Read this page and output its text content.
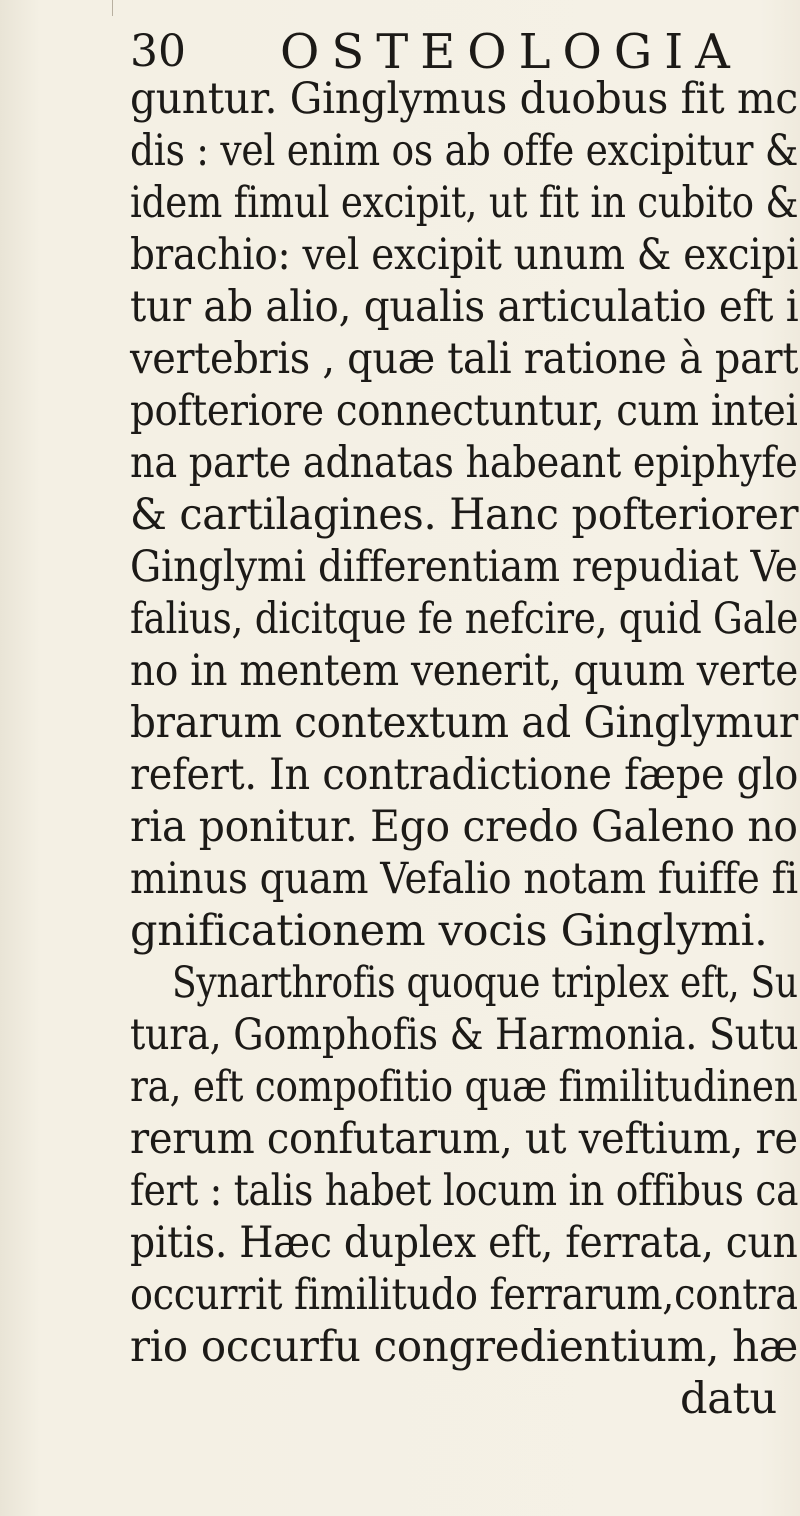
30 OSTEOLOGIA
guntur. Ginglymus duobus fit mc
dis : vel enim os ab offe excipitur &
idem fimul excipit, ut fit in cubito &
brachio: vel excipit unum & excipi
tur ab alio, qualis articulatio eft i
vertebris , quæ tali ratione à part
pofteriore connectuntur, cum intei
na parte adnatas habeant epiphyfe
& cartilagines. Hanc pofteriorer
Ginglymi differentiam repudiat Ve
falius, dicitque fe nefcire, quid Gale
no in mentem venerit, quum verte
brarum contextum ad Ginglymur
refert. In contradictione fæpe glo
ria ponitur. Ego credo Galeno no
minus quam Vefalio notam fuiffe fi
gnificationem vocis Ginglymi.
Synarthrofis quoque triplex eft, Su
tura, Gomphofis & Harmonia. Sutu
ra, eft compofitio quæ fimilitudinen
rerum confutarum, ut veftium, re
fert : talis habet locum in offibus ca
pitis. Hæc duplex eft, ferrata, cun
occurrit fimilitudo ferrarum,contra
rio occurfu congredientium, hæ
datu
